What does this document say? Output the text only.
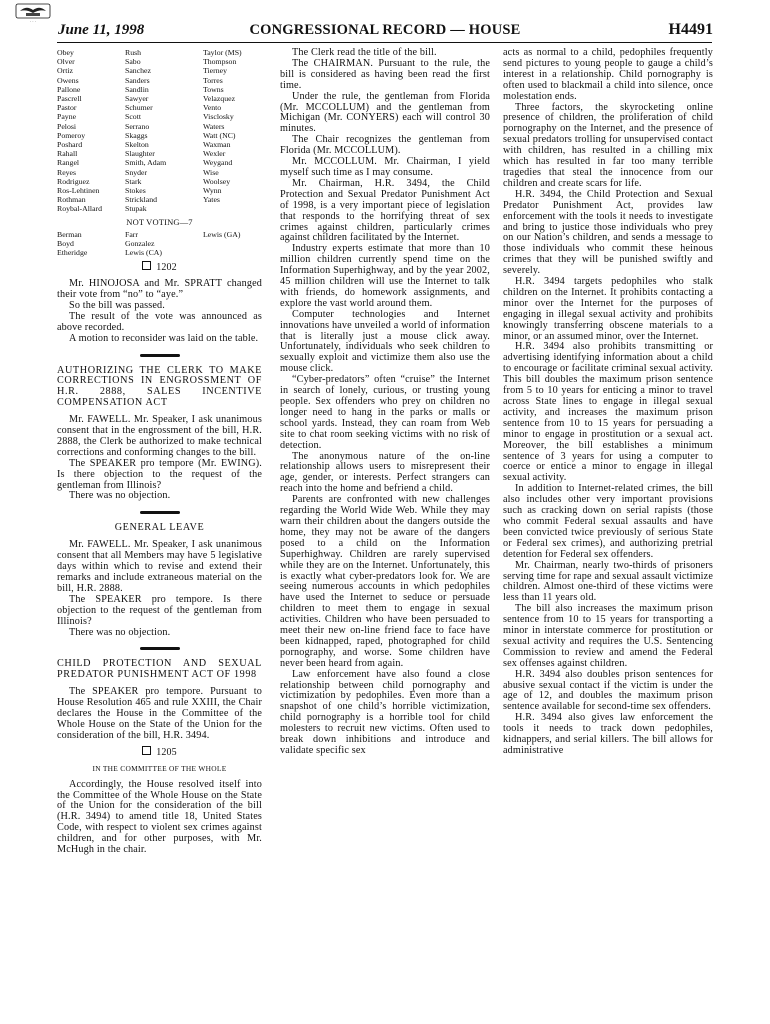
· · · June 11, 1998	CONGRESSIONAL RECORD — HOUSE	H4491
Obey	Rush	Taylor (MS)
Olver	Sabo	Thompson
Ortiz	Sanchez	Tierney
Owens	Sanders	Torres
Pallone	Sandlin	Towns
Pascrell	Sawyer	Velazquez
Pastor	Schumer	Vento
Payne	Scott	Visclosky
Pelosi	Serrano	Waters
Pomeroy	Skaggs	Watt (NC)
Poshard	Skelton	Waxman
Rahall	Slaughter	Wexler
Rangel	Smith, Adam	Weygand
Reyes	Snyder	Wise
Rodriguez	Stark	Woolsey
Ros-Lehtinen	Stokes	Wynn
Rothman	Strickland	Yates
Roybal-Allard	Stupak
NOT VOTING—7
Berman	Farr	Lewis (GA)
Boyd	Gonzalez
Etheridge	Lewis (CA)
1202

Mr. HINOJOSA and Mr. SPRATT changed their vote from “no” to “aye.”

So the bill was passed.

The result of the vote was announced as above recorded.

A motion to reconsider was laid on the table.

AUTHORIZING THE CLERK TO MAKE CORRECTIONS IN ENGROSSMENT OF H.R. 2888, SALES INCENTIVE COMPENSATION ACT

Mr. FAWELL. Mr. Speaker, I ask unanimous consent that in the engrossment of the bill, H.R. 2888, the Clerk be authorized to make technical corrections and conforming changes to the bill.

The SPEAKER pro tempore (Mr. EWING). Is there objection to the request of the gentleman from Illinois?

There was no objection.

GENERAL LEAVE

Mr. FAWELL. Mr. Speaker, I ask unanimous consent that all Members may have 5 legislative days within which to revise and extend their remarks and include extraneous material on the bill, H.R. 2888.

The SPEAKER pro tempore. Is there objection to the request of the gentleman from Illinois?

There was no objection.

CHILD PROTECTION AND SEXUAL PREDATOR PUNISHMENT ACT OF 1998

The SPEAKER pro tempore. Pursuant to House Resolution 465 and rule XXIII, the Chair declares the House in the Committee of the Whole House on the State of the Union for the consideration of the bill, H.R. 3494.

1205
IN THE COMMITTEE OF THE WHOLE

Accordingly, the House resolved itself into the Committee of the Whole House on the State of the Union for the consideration of the bill (H.R. 3494) to amend title 18, United States Code, with respect to violent sex crimes against children, and for other purposes, with Mr. McHugh in the chair.

The Clerk read the title of the bill.

The CHAIRMAN. Pursuant to the rule, the bill is considered as having been read the first time.

Under the rule, the gentleman from Florida (Mr. MCCOLLUM) and the gentleman from Michigan (Mr. CONYERS) each will control 30 minutes.

The Chair recognizes the gentleman from Florida (Mr. MCCOLLUM).

Mr. MCCOLLUM. Mr. Chairman, I yield myself such time as I may consume.

Mr. Chairman, H.R. 3494, the Child Protection and Sexual Predator Punishment Act of 1998, is a very important piece of legislation that responds to the horrifying threat of sex crimes against children, particularly crimes against children facilitated by the Internet.

Industry experts estimate that more than 10 million children currently spend time on the Information Superhighway, and by the year 2002, 45 million children will use the Internet to talk with friends, do homework assignments, and explore the vast world around them.

Computer technologies and Internet innovations have unveiled a world of information that is literally just a mouse click away. Unfortunately, individuals who seek children to sexually exploit and victimize them also use the mouse click.

“Cyber-predators” often “cruise” the Internet in search of lonely, curious, or trusting young people. Sex offenders who prey on children no longer need to hang in the parks or malls or school yards. Instead, they can roam from Web site to chat room seeking victims with no risk of detection.

The anonymous nature of the on-line relationship allows users to misrepresent their age, gender, or interests. Perfect strangers can reach into the home and befriend a child.

Parents are confronted with new challenges regarding the World Wide Web. While they may warn their children about the dangers outside the home, they may not be aware of the dangers posed to a child on the Information Superhighway. Children are rarely supervised while they are on the Internet. Unfortunately, this is exactly what cyber-predators look for. We are seeing numerous accounts in which pedophiles have used the Internet to seduce or persuade children to meet them to engage in sexual activities. Children who have been persuaded to meet their new on-line friend face to face have been kidnapped, raped, photographed for child pornography, and worse. Some children have never been heard from again.

Law enforcement have also found a close relationship between child pornography and victimization by pedophiles. Even more than a snapshot of one child’s horrible victimization, child pornography is a horrible tool for child molesters to recruit new victims. Often used to break down inhibitions and introduce and validate specific sex

acts as normal to a child, pedophiles frequently send pictures to young people to gauge a child’s interest in a relationship. Child pornography is often used to blackmail a child into silence, once molestation ends.

Three factors, the skyrocketing online presence of children, the proliferation of child pornography on the Internet, and the presence of sexual predators trolling for unsupervised contact with children, has resulted in a chilling mix which has resulted in far too many terrible tragedies that steal the innocence from our children and create scars for life.

H.R. 3494, the Child Protection and Sexual Predator Punishment Act, provides law enforcement with the tools it needs to investigate and bring to justice those individuals who prey on our Nation’s children, and sends a message to those individuals who commit these heinous crimes that they will be punished swiftly and severely.

H.R. 3494 targets pedophiles who stalk children on the Internet. It prohibits contacting a minor over the Internet for the purposes of engaging in illegal sexual activity and prohibits knowingly transferring obscene materials to a minor, or an assumed minor, over the Internet.

H.R. 3494 also prohibits transmitting or advertising identifying information about a child to encourage or facilitate criminal sexual activity. This bill doubles the maximum prison sentence from 5 to 10 years for enticing a minor to travel across State lines to engage in illegal sexual activity, and increases the maximum prison sentence from 10 to 15 years for persuading a minor to engage in prostitution or a sexual act. Moreover, the bill establishes a minimum sentence of 3 years for using a computer to coerce or entice a minor to engage in illegal sexual activity.

In addition to Internet-related crimes, the bill also includes other very important provisions such as cracking down on serial rapists (those who commit Federal sexual assaults and have been convicted twice previously of serious State or Federal sex crimes), and authorizing pretrial detention for Federal sex offenders.

Mr. Chairman, nearly two-thirds of prisoners serving time for rape and sexual assault victimize children. Almost one-third of these victims were less than 11 years old.

The bill also increases the maximum prison sentence from 10 to 15 years for transporting a minor in interstate commerce for prostitution or sexual activity and requires the U.S. Sentencing Commission to review and amend the Federal sex offenses against children.

H.R. 3494 also doubles prison sentences for abusive sexual contact if the victim is under the age of 12, and doubles the maximum prison sentence available for second-time sex offenders.

H.R. 3494 also gives law enforcement the tools it needs to track down pedophiles, kidnappers, and serial killers. The bill allows for administrative
